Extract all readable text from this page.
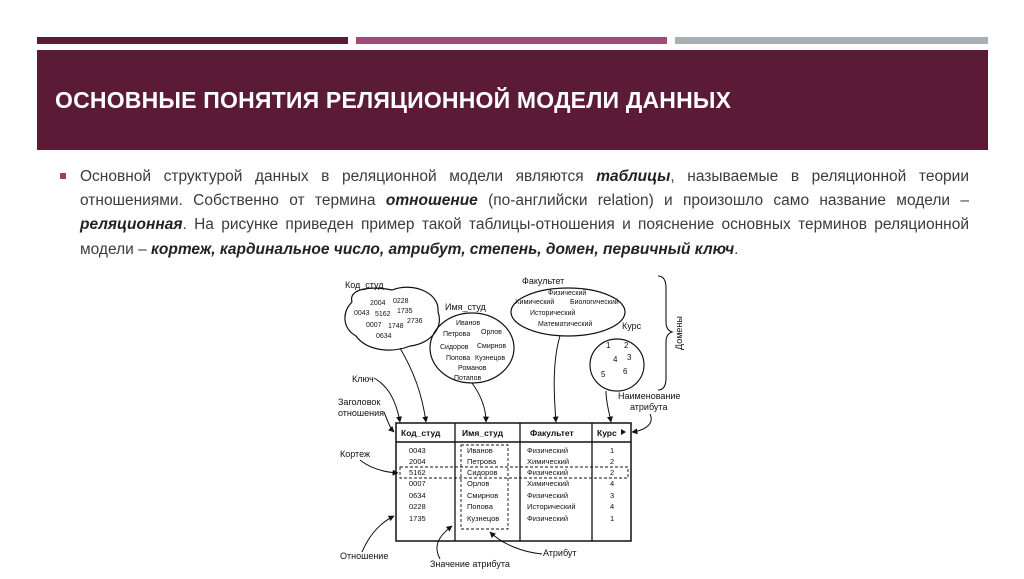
ОСНОВНЫЕ ПОНЯТИЯ РЕЛЯЦИОННОЙ МОДЕЛИ ДАННЫХ

Основной структурой данных в реляционной модели являются таблицы, называемые в реляционной теории отношениями. Собственно от термина отношение (по-английски relation) и произошло само название модели – реляционная. На рисунке приведен пример такой таблицы-отношения и пояснение основных терминов реляционной модели – кортеж, кардинальное число, атрибут, степень, домен, первичный ключ.

Код_студ
2004 0228
0043 5162 1735
0007 1748
2736
0634
Имя_студ
Иванов
Петрова Орлов
Сидоров Смирнов
Попова Кузнецов
Романов
Потапов
Факультет
Физический
Химический Биологический
Исторический
Математический	Курс
1 2
3
4
5 6
Домены
Ключ
Заголовок
отношения
Кортеж
Отношение
Наименование
атрибута
Атрибут
Значение атрибута
Код_студ	Имя_студ	Факультет	Курс
0043	Иванов	Физический	1
2004	Петрова	Химический	2
5162	Сидоров	Физический	2
0007	Орлов	Химический	4
0634	Смирнов	Физический	3
0228	Попова	Исторический	4
1735	Кузнецов	Физический	1
